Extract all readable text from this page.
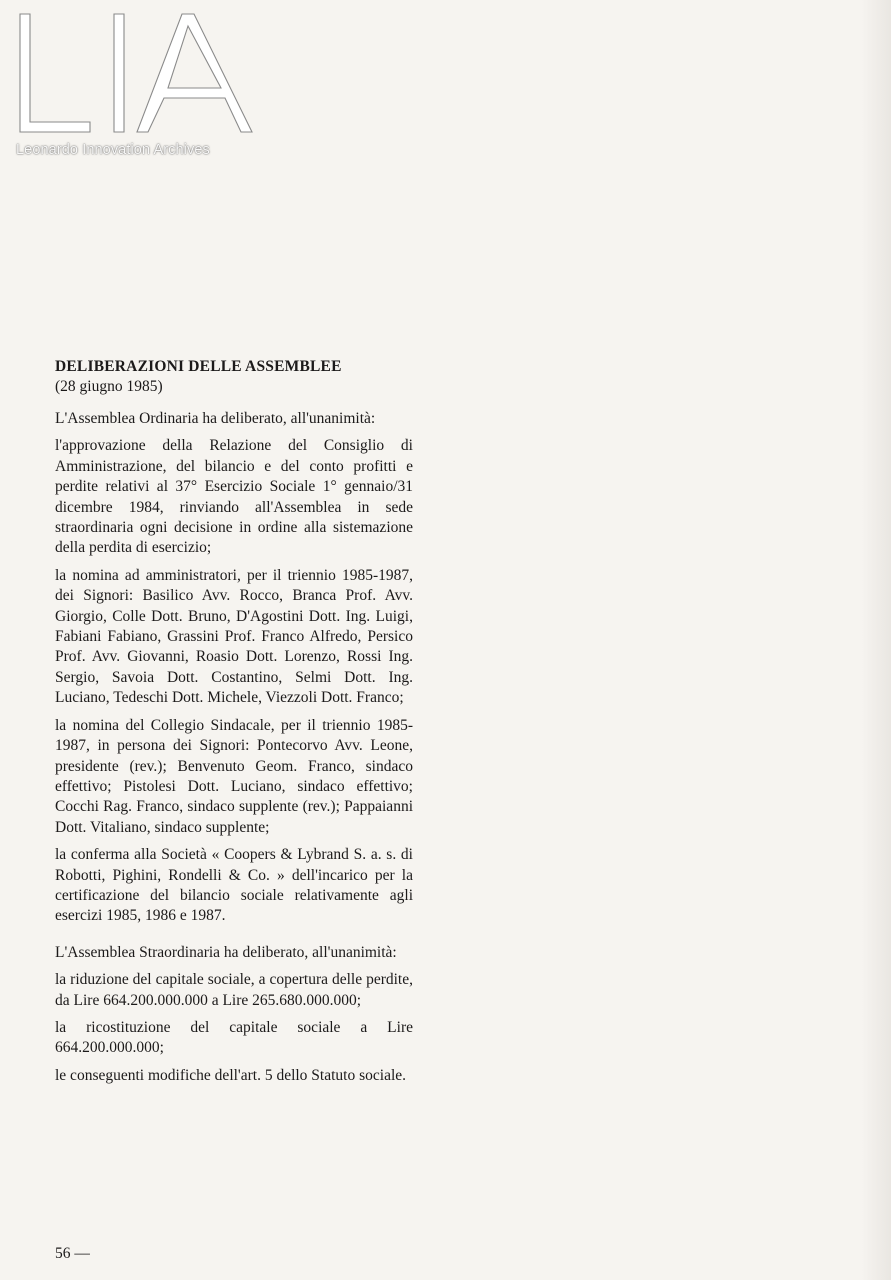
Leonardo Innovation Archives
DELIBERAZIONI DELLE ASSEMBLEE
(28 giugno 1985)

L'Assemblea Ordinaria ha deliberato, all'unanimità:

l'approvazione della Relazione del Consiglio di Amministrazione, del bilancio e del conto profitti e perdite relativi al 37° Esercizio Sociale 1° gennaio/31 dicembre 1984, rinviando all'Assemblea in sede straordinaria ogni decisione in ordine alla sistemazione della perdita di esercizio;

la nomina ad amministratori, per il triennio 1985-1987, dei Signori: Basilico Avv. Rocco, Branca Prof. Avv. Giorgio, Colle Dott. Bruno, D'Agostini Dott. Ing. Luigi, Fabiani Fabiano, Grassini Prof. Franco Alfredo, Persico Prof. Avv. Giovanni, Roasio Dott. Lorenzo, Rossi Ing. Sergio, Savoia Dott. Costantino, Selmi Dott. Ing. Luciano, Tedeschi Dott. Michele, Viezzoli Dott. Franco;

la nomina del Collegio Sindacale, per il triennio 1985-1987, in persona dei Signori: Pontecorvo Avv. Leone, presidente (rev.); Benvenuto Geom. Franco, sindaco effettivo; Pistolesi Dott. Luciano, sindaco effettivo; Cocchi Rag. Franco, sindaco supplente (rev.); Pappaianni Dott. Vitaliano, sindaco supplente;

la conferma alla Società « Coopers & Lybrand S. a. s. di Robotti, Pighini, Rondelli & Co. » dell'incarico per la certificazione del bilancio sociale relativamente agli esercizi 1985, 1986 e 1987.

L'Assemblea Straordinaria ha deliberato, all'unanimità:

la riduzione del capitale sociale, a copertura delle perdite, da Lire 664.200.000.000 a Lire 265.680.000.000;

la ricostituzione del capitale sociale a Lire 664.200.000.000;

le conseguenti modifiche dell'art. 5 dello Statuto sociale.

56 —
